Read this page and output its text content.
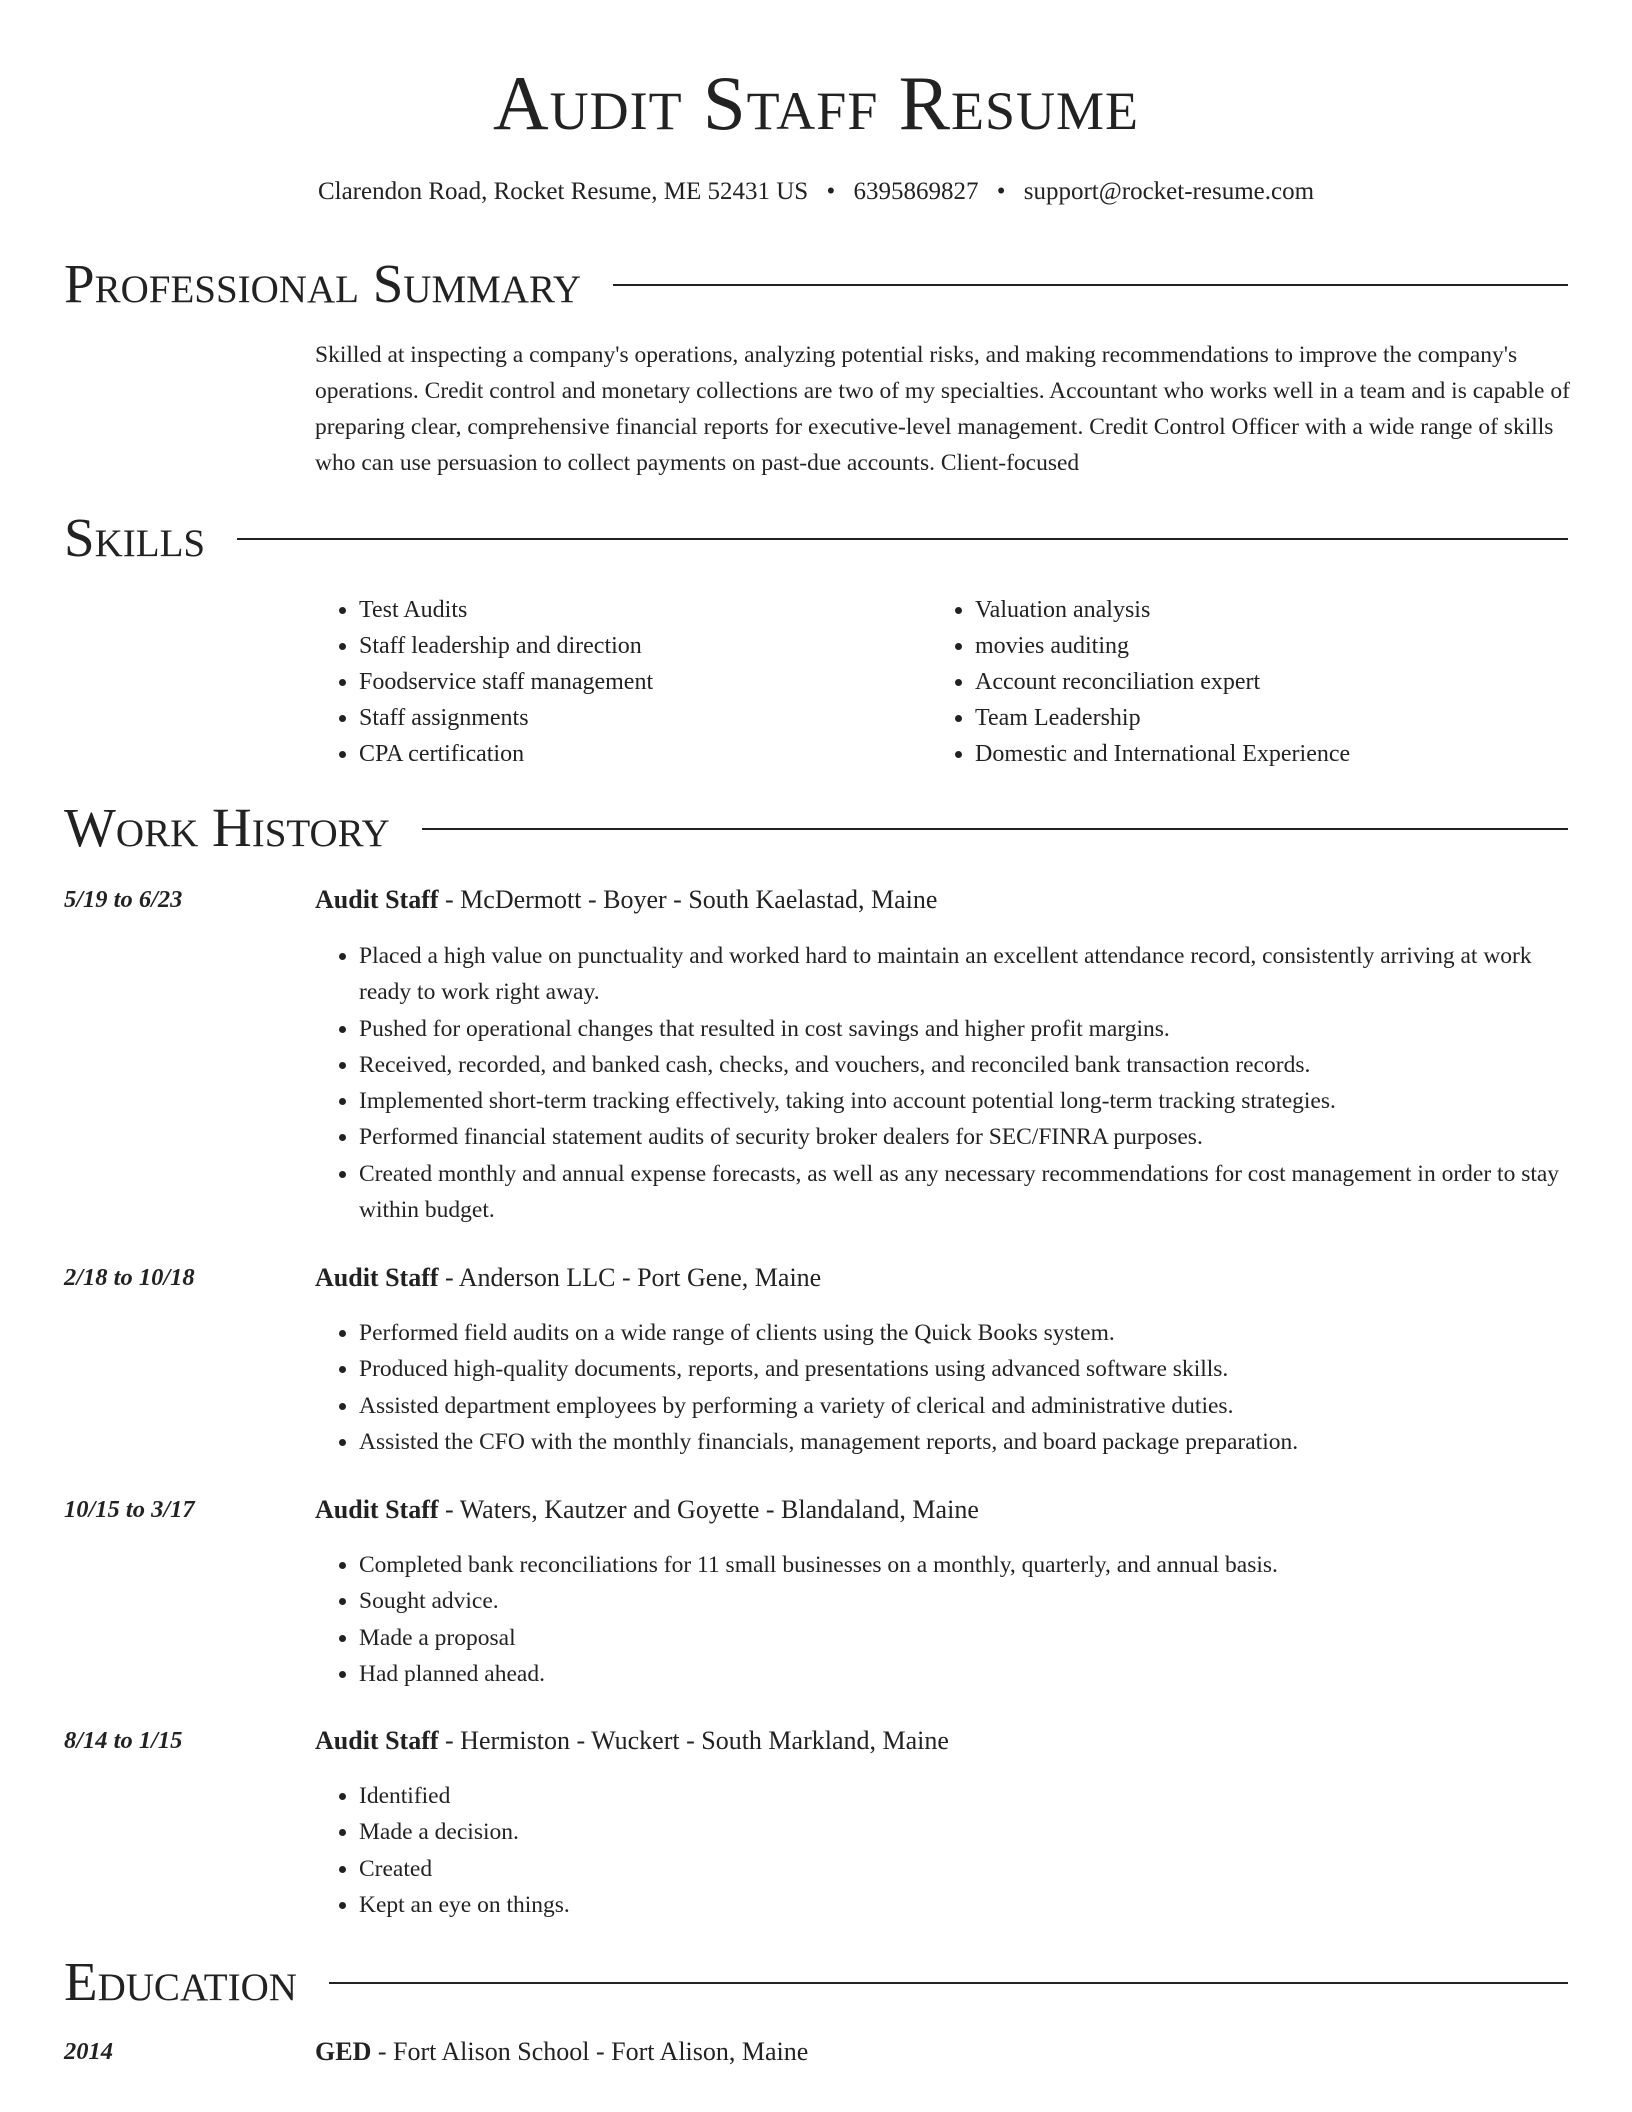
Audit Staff Resume
Clarendon Road, Rocket Resume, ME 52431 US • 6395869827 • support@rocket-resume.com
Professional Summary
Skilled at inspecting a company's operations, analyzing potential risks, and making recommendations to improve the company's operations. Credit control and monetary collections are two of my specialties. Accountant who works well in a team and is capable of preparing clear, comprehensive financial reports for executive-level management. Credit Control Officer with a wide range of skills who can use persuasion to collect payments on past-due accounts. Client-focused
Skills
• Test Audits
• Staff leadership and direction
• Foodservice staff management
• Staff assignments
• CPA certification
• Valuation analysis
• movies auditing
• Account reconciliation expert
• Team Leadership
• Domestic and International Experience
Work History
5/19 to 6/23	Audit Staff - McDermott - Boyer - South Kaelastad, Maine
• Placed a high value on punctuality and worked hard to maintain an excellent attendance record, consistently arriving at work ready to work right away.
• Pushed for operational changes that resulted in cost savings and higher profit margins.
• Received, recorded, and banked cash, checks, and vouchers, and reconciled bank transaction records.
• Implemented short-term tracking effectively, taking into account potential long-term tracking strategies.
• Performed financial statement audits of security broker dealers for SEC/FINRA purposes.
• Created monthly and annual expense forecasts, as well as any necessary recommendations for cost management in order to stay within budget.
2/18 to 10/18	Audit Staff - Anderson LLC - Port Gene, Maine
• Performed field audits on a wide range of clients using the Quick Books system.
• Produced high-quality documents, reports, and presentations using advanced software skills.
• Assisted department employees by performing a variety of clerical and administrative duties.
• Assisted the CFO with the monthly financials, management reports, and board package preparation.
10/15 to 3/17	Audit Staff - Waters, Kautzer and Goyette - Blandaland, Maine
• Completed bank reconciliations for 11 small businesses on a monthly, quarterly, and annual basis.
• Sought advice.
• Made a proposal
• Had planned ahead.
8/14 to 1/15	Audit Staff - Hermiston - Wuckert - South Markland, Maine
• Identified
• Made a decision.
• Created
• Kept an eye on things.
Education
2014	GED - Fort Alison School - Fort Alison, Maine
